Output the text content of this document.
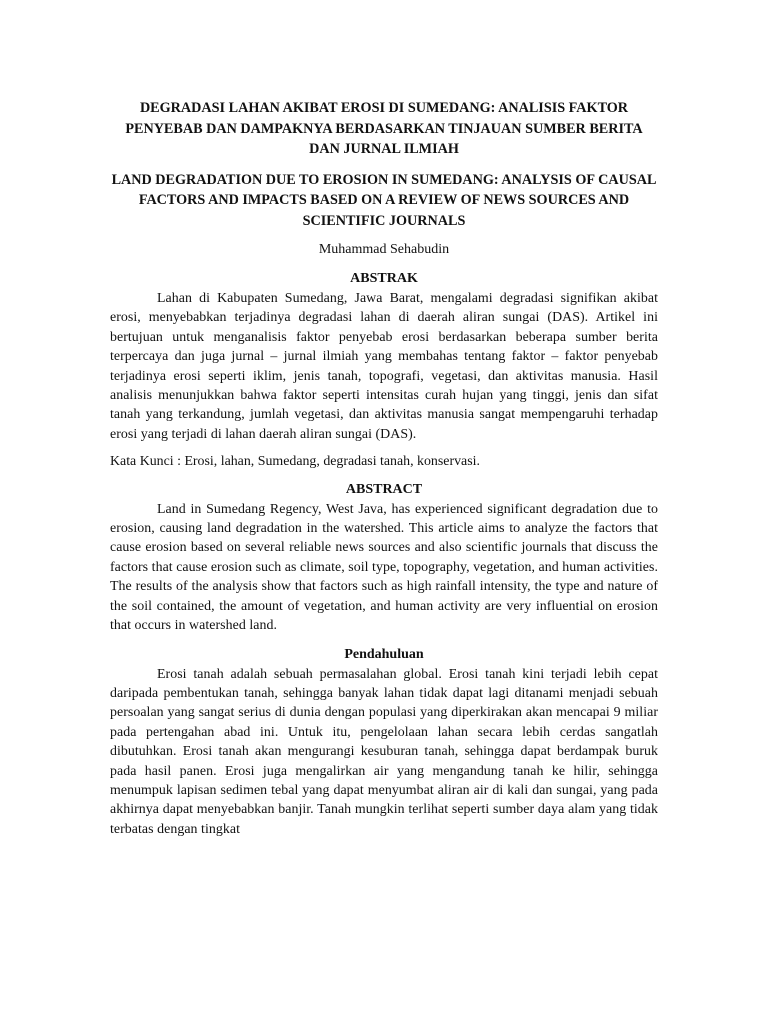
DEGRADASI LAHAN AKIBAT EROSI DI SUMEDANG: ANALISIS FAKTOR PENYEBAB DAN DAMPAKNYA BERDASARKAN TINJAUAN SUMBER BERITA DAN JURNAL ILMIAH
LAND DEGRADATION DUE TO EROSION IN SUMEDANG: ANALYSIS OF CAUSAL FACTORS AND IMPACTS BASED ON A REVIEW OF NEWS SOURCES AND SCIENTIFIC JOURNALS
Muhammad Sehabudin
ABSTRAK

Lahan di Kabupaten Sumedang, Jawa Barat, mengalami degradasi signifikan akibat erosi, menyebabkan terjadinya degradasi lahan di daerah aliran sungai (DAS). Artikel ini bertujuan untuk menganalisis faktor penyebab erosi berdasarkan beberapa sumber berita terpercaya dan juga jurnal – jurnal ilmiah yang membahas tentang faktor – faktor penyebab terjadinya erosi seperti iklim, jenis tanah, topografi, vegetasi, dan aktivitas manusia. Hasil analisis menunjukkan bahwa faktor seperti intensitas curah hujan yang tinggi, jenis dan sifat tanah yang terkandung, jumlah vegetasi, dan aktivitas manusia sangat mempengaruhi terhadap erosi yang terjadi di lahan daerah aliran sungai (DAS).

Kata Kunci : Erosi, lahan, Sumedang, degradasi tanah, konservasi.
ABSTRACT

Land in Sumedang Regency, West Java, has experienced significant degradation due to erosion, causing land degradation in the watershed. This article aims to analyze the factors that cause erosion based on several reliable news sources and also scientific journals that discuss the factors that cause erosion such as climate, soil type, topography, vegetation, and human activities. The results of the analysis show that factors such as high rainfall intensity, the type and nature of the soil contained, the amount of vegetation, and human activity are very influential on erosion that occurs in watershed land.

Pendahuluan

Erosi tanah adalah sebuah permasalahan global. Erosi tanah kini terjadi lebih cepat daripada pembentukan tanah, sehingga banyak lahan tidak dapat lagi ditanami menjadi sebuah persoalan yang sangat serius di dunia dengan populasi yang diperkirakan akan mencapai 9 miliar pada pertengahan abad ini. Untuk itu, pengelolaan lahan secara lebih cerdas sangatlah dibutuhkan. Erosi tanah akan mengurangi kesuburan tanah, sehingga dapat berdampak buruk pada hasil panen. Erosi juga mengalirkan air yang mengandung tanah ke hilir, sehingga menumpuk lapisan sedimen tebal yang dapat menyumbat aliran air di kali dan sungai, yang pada akhirnya dapat menyebabkan banjir. Tanah mungkin terlihat seperti sumber daya alam yang tidak terbatas dengan tingkat
